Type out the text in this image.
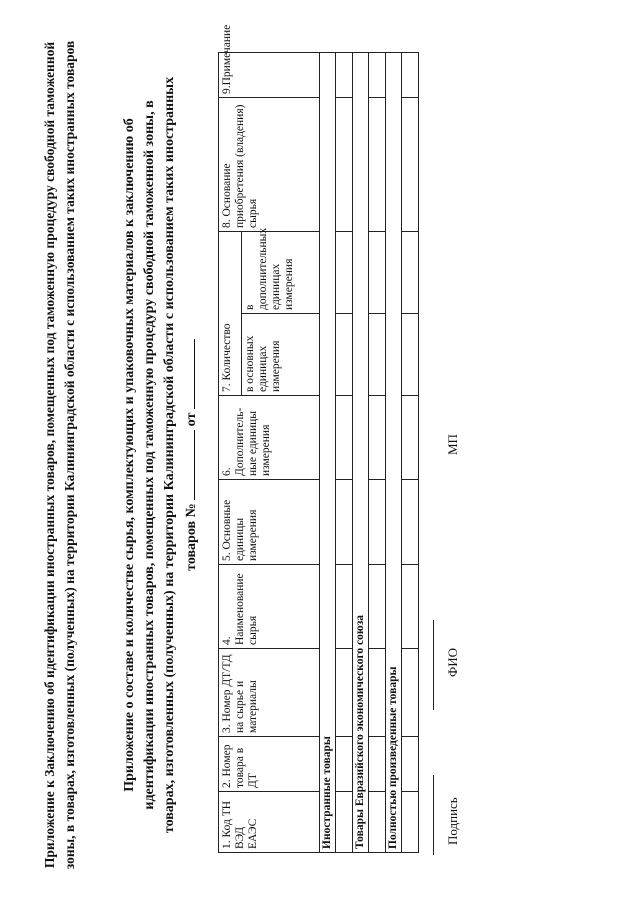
Приложение к Заключению об идентификации иностранных товаров, помещенных под таможенную процедуру свободной таможенной зоны, в товарах, изготовленных (полученных) на территории Калининградской области с использованием таких иностранных товаров	Приложение о составе и количестве сырья, комплектующих и упаковочных материалов к заключению об идентификации иностранных товаров, помещенных под таможенную процедуру свободной таможенной зоны, в товарах, изготовленных (полученных) на территории Калининградской области с использованием таких иностранных товаров №  от
1. Код ТН ВЭД ЕАЭС	2. Номер товара в ДТ	3. Номер ДТ/ТД на сырье и материалы	4. Наименование сырья	5. Основные единицы измерения	6. Дополнитель-ные единицы измерения	7. Количество		8. Основание приобретения (владения) сырья	9.Примечание
						в основных единицах измерения	в дополнительных единицах измерения		
Иностранные товары									

Товары Евразийского экономического союза									

Полностью произведенные товары									
										Подпись
ФИО
МП
